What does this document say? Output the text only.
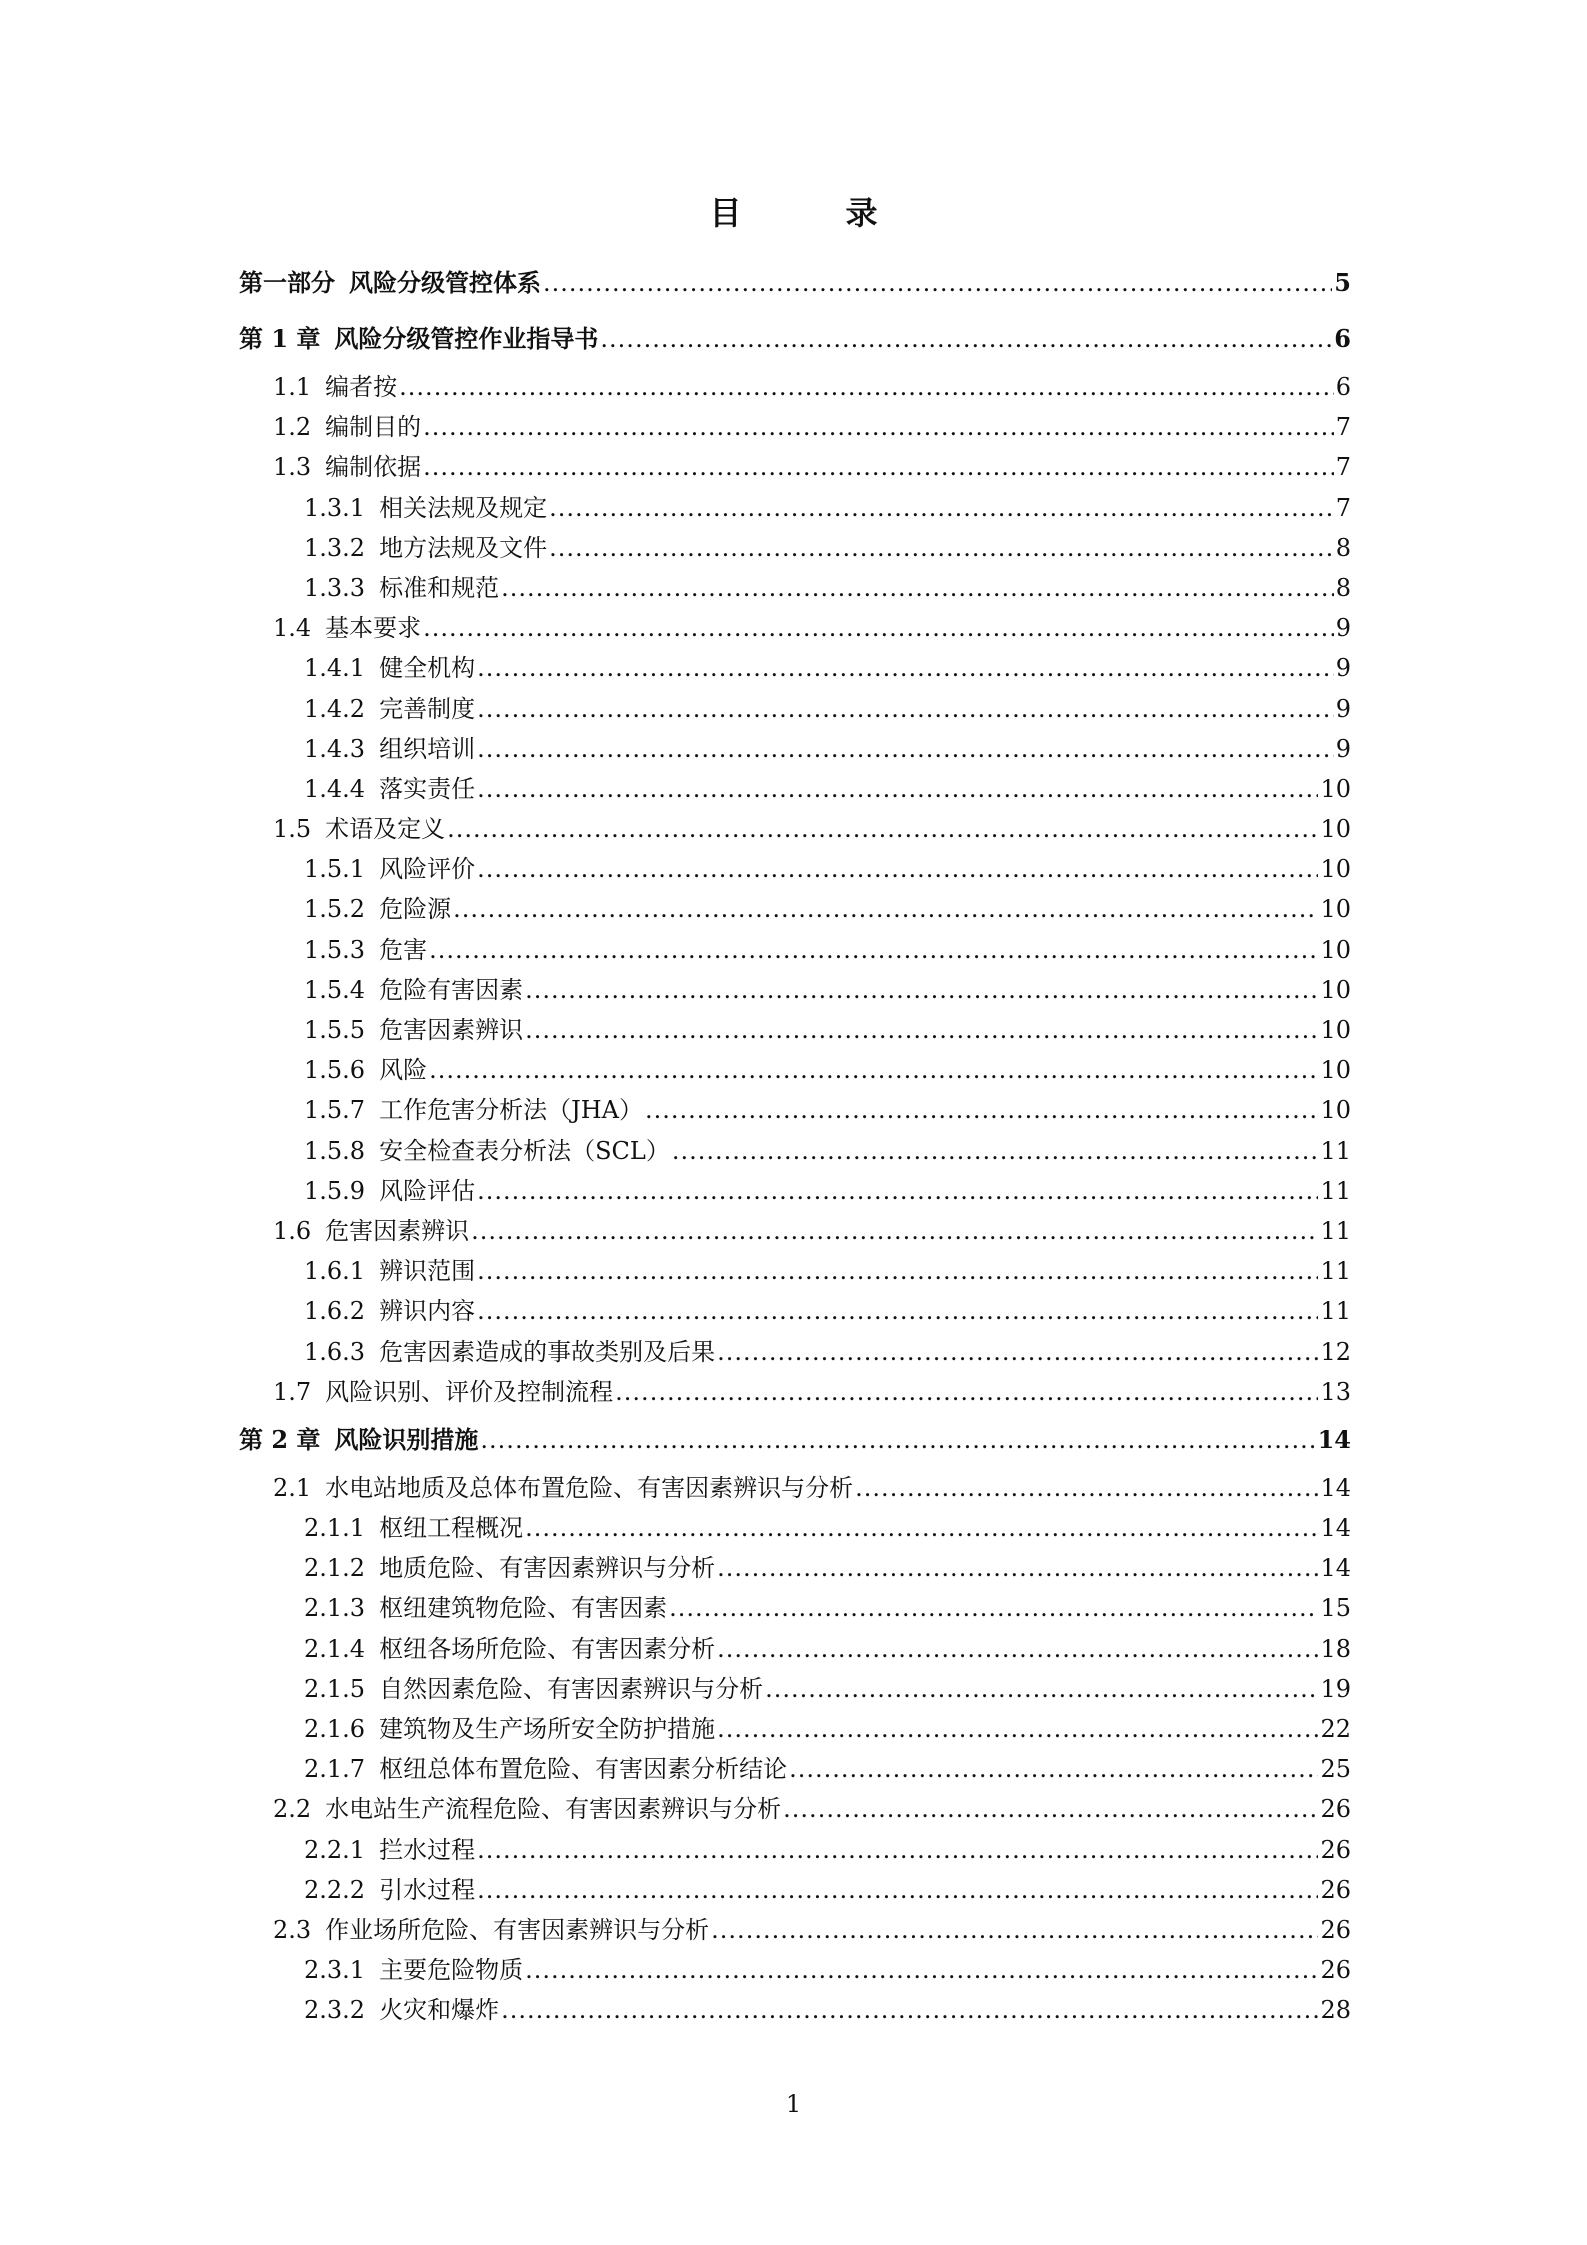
目　录
第一部分 风险分级管控体系 .....	5
第 1 章 风险分级管控作业指导书 .....	6
1.1 编者按 .....	6
1.2 编制目的 .....	7
1.3 编制依据 .....	7
1.3.1 相关法规及规定 .....	7
1.3.2 地方法规及文件 .....	8
1.3.3 标准和规范 .....	8
1.4 基本要求 .....	9
1.4.1 健全机构 .....	9
1.4.2 完善制度 .....	9
1.4.3 组织培训 .....	9
1.4.4 落实责任 .....	10
1.5 术语及定义 .....	10
1.5.1 风险评价 .....	10
1.5.2 危险源 .....	10
1.5.3 危害 .....	10
1.5.4 危险有害因素 .....	10
1.5.5 危害因素辨识 .....	10
1.5.6 风险 .....	10
1.5.7 工作危害分析法（JHA） .....	10
1.5.8 安全检查表分析法（SCL） .....	11
1.5.9 风险评估 .....	11
1.6 危害因素辨识 .....	11
1.6.1 辨识范围 .....	11
1.6.2 辨识内容 .....	11
1.6.3 危害因素造成的事故类别及后果 .....	12
1.7 风险识别、评价及控制流程 .....	13
第 2 章 风险识别措施 .....	14
2.1 水电站地质及总体布置危险、有害因素辨识与分析 .....	14
2.1.1 枢纽工程概况 .....	14
2.1.2 地质危险、有害因素辨识与分析 .....	14
2.1.3 枢纽建筑物危险、有害因素 .....	15
2.1.4 枢纽各场所危险、有害因素分析 .....	18
2.1.5 自然因素危险、有害因素辨识与分析 .....	19
2.1.6 建筑物及生产场所安全防护措施 .....	22
2.1.7 枢纽总体布置危险、有害因素分析结论 .....	25
2.2 水电站生产流程危险、有害因素辨识与分析 .....	26
2.2.1 拦水过程 .....	26
2.2.2 引水过程 .....	26
2.3 作业场所危险、有害因素辨识与分析 .....	26
2.3.1 主要危险物质 .....	26
2.3.2 火灾和爆炸 .....	28
1
